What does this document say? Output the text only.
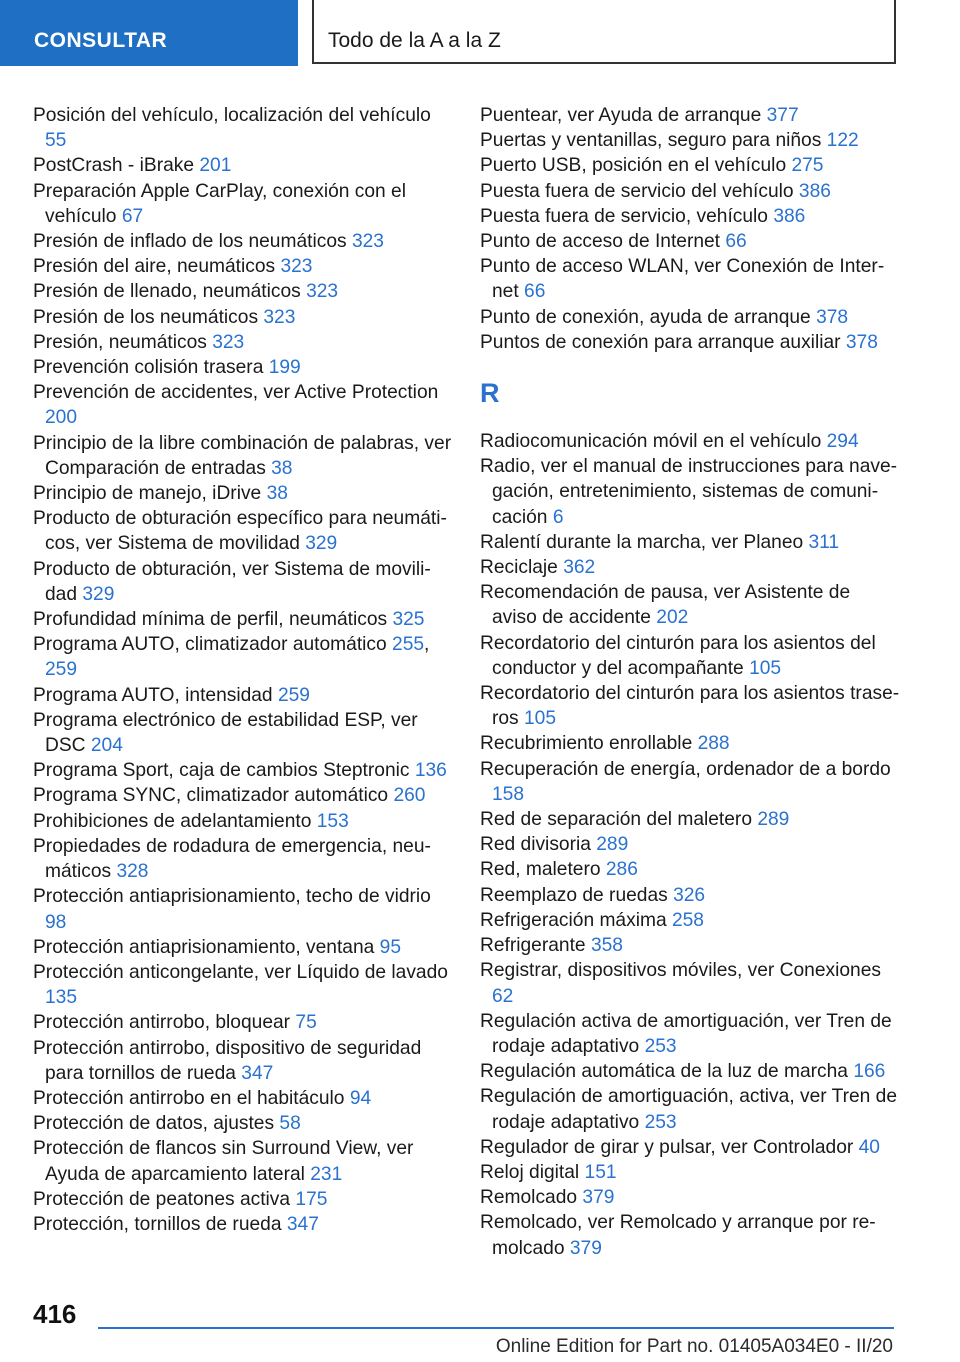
CONSULTAR	Todo de la A a la Z
Posición del vehículo, localización del vehículo 55
PostCrash - iBrake 201
Preparación Apple CarPlay, conexión con el vehículo 67
Presión de inflado de los neumáticos 323
Presión del aire, neumáticos 323
Presión de llenado, neumáticos 323
Presión de los neumáticos 323
Presión, neumáticos 323
Prevención colisión trasera 199
Prevención de accidentes, ver Active Protection 200
Principio de la libre combinación de palabras, ver Comparación de entradas 38
Principio de manejo, iDrive 38
Producto de obturación específico para neumáticos, ver Sistema de movilidad 329
Producto de obturación, ver Sistema de movilidad 329
Profundidad mínima de perfil, neumáticos 325
Programa AUTO, climatizador automático 255, 259
Programa AUTO, intensidad 259
Programa electrónico de estabilidad ESP, ver DSC 204
Programa Sport, caja de cambios Steptronic 136
Programa SYNC, climatizador automático 260
Prohibiciones de adelantamiento 153
Propiedades de rodadura de emergencia, neumáticos 328
Protección antiaprisionamiento, techo de vidrio 98
Protección antiaprisionamiento, ventana 95
Protección anticongelante, ver Líquido de lavado 135
Protección antirrobo, bloquear 75
Protección antirrobo, dispositivo de seguridad para tornillos de rueda 347
Protección antirrobo en el habitáculo 94
Protección de datos, ajustes 58
Protección de flancos sin Surround View, ver Ayuda de aparcamiento lateral 231
Protección de peatones activa 175
Protección, tornillos de rueda 347
Puentear, ver Ayuda de arranque 377
Puertas y ventanillas, seguro para niños 122
Puerto USB, posición en el vehículo 275
Puesta fuera de servicio del vehículo 386
Puesta fuera de servicio, vehículo 386
Punto de acceso de Internet 66
Punto de acceso WLAN, ver Conexión de Internet 66
Punto de conexión, ayuda de arranque 378
Puntos de conexión para arranque auxiliar 378
R
Radiocomunicación móvil en el vehículo 294
Radio, ver el manual de instrucciones para navegación, entretenimiento, sistemas de comunicación 6
Ralentí durante la marcha, ver Planeo 311
Reciclaje 362
Recomendación de pausa, ver Asistente de aviso de accidente 202
Recordatorio del cinturón para los asientos del conductor y del acompañante 105
Recordatorio del cinturón para los asientos traseros 105
Recubrimiento enrollable 288
Recuperación de energía, ordenador de a bordo 158
Red de separación del maletero 289
Red divisoria 289
Red, maletero 286
Reemplazo de ruedas 326
Refrigeración máxima 258
Refrigerante 358
Registrar, dispositivos móviles, ver Conexiones 62
Regulación activa de amortiguación, ver Tren de rodaje adaptativo 253
Regulación automática de la luz de marcha 166
Regulación de amortiguación, activa, ver Tren de rodaje adaptativo 253
Regulador de girar y pulsar, ver Controlador 40
Reloj digital 151
Remolcado 379
Remolcado, ver Remolcado y arranque por remolcado 379
416
Online Edition for Part no. 01405A034E0 - II/20
